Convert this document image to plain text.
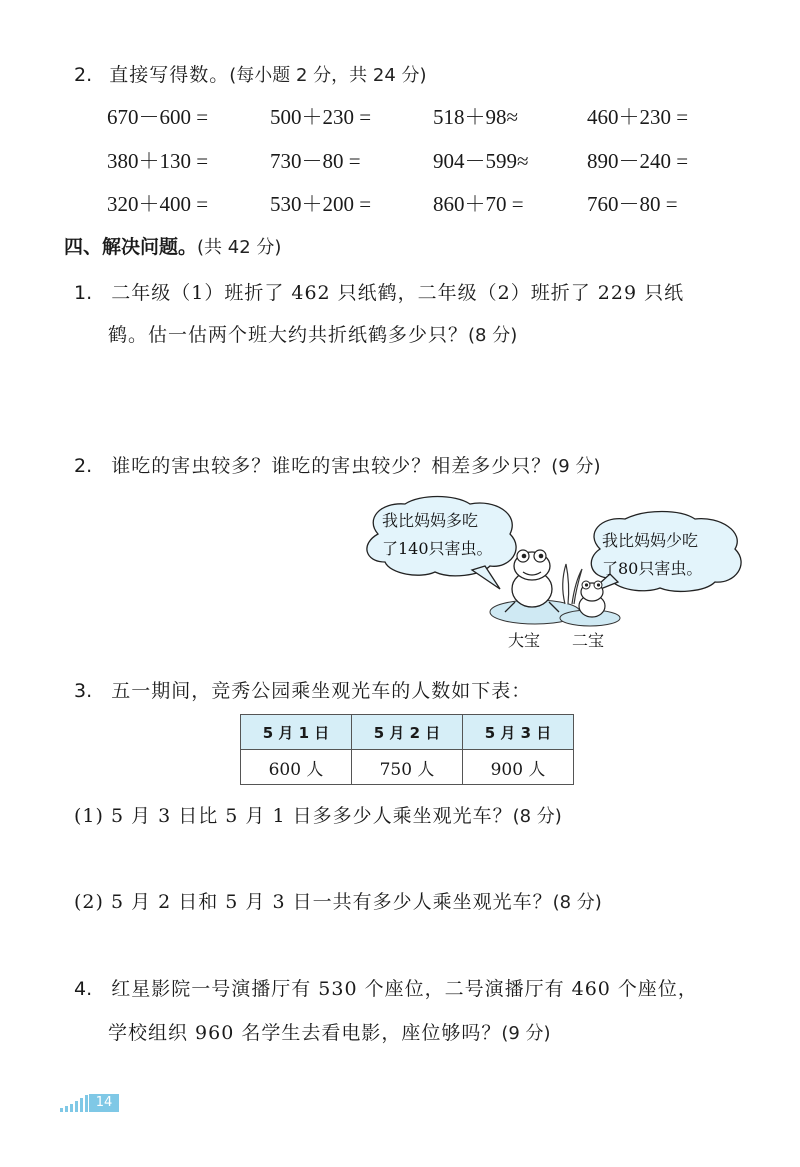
2. 直接写得数。(每小题 2 分，共 24 分)
670－600 =	500＋230 =	518＋98≈	460＋230 =
380＋130 =	730－80 =	904－599≈	890－240 =
320＋400 =	530＋200 =	860＋70 =	760－80 =
四、解决问题。(共 42 分)
1. 二年级（1）班折了 462 只纸鹤，二年级（2）班折了 229 只纸
鹤。估一估两个班大约共折纸鹤多少只？(8 分)
2. 谁吃的害虫较多？谁吃的害虫较少？相差多少只？(9 分)
我比妈妈多吃
了140只害虫。	我比妈妈少吃
了80只害虫。
大宝 二宝
3. 五一期间，竞秀公园乘坐观光车的人数如下表：
5 月 1 日	5 月 2 日	5 月 3 日
600 人	750 人	900 人
(1) 5 月 3 日比 5 月 1 日多多少人乘坐观光车？(8 分)
(2) 5 月 2 日和 5 月 3 日一共有多少人乘坐观光车？(8 分)
4. 红星影院一号演播厅有 530 个座位，二号演播厅有 460 个座位，
学校组织 960 名学生去看电影，座位够吗？(9 分)
14
